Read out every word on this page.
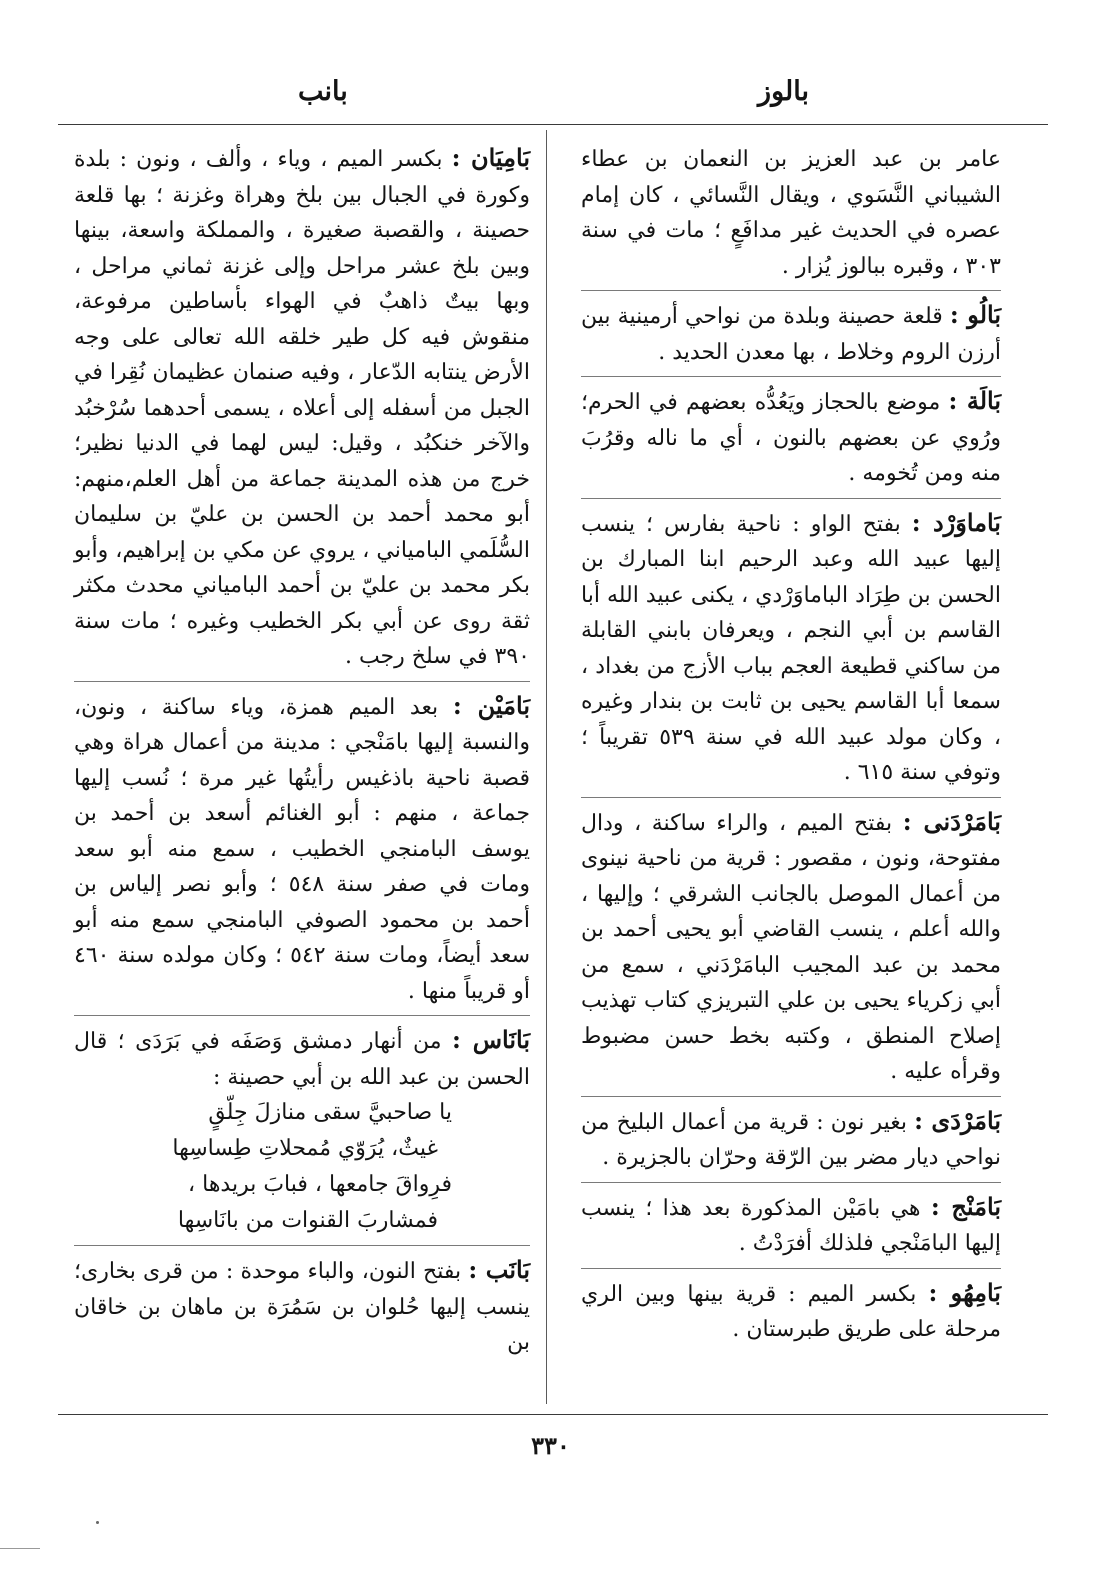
بالوز
بانب

عامر بن عبد العزيز بن النعمان بن عطاء الشيباني النَّسَوي ، ويقال النَّسائي ، كان إمام عصره في الحديث غير مدافَعٍ ؛ مات في سنة ٣٠٣ ، وقبره ببالوز يُزار .

بَالُو : قلعة حصينة وبلدة من نواحي أرمينية بين أرزن الروم وخلاط ، بها معدن الحديد .

بَالَة : موضع بالحجاز ويَعُدُّه بعضهم في الحرم؛ورُوي عن بعضهم بالنون ، أي ما ناله وقرُبَ منه ومن تُخومه .

بَاماوَرْد : بفتح الواو : ناحية بفارس ؛ ينسب إليها عبيد الله وعبد الرحيم ابنا المبارك بن الحسن بن طِرَاد الباماوَرْدي ، يكنى عبيد الله أبا القاسم بن أبي النجم ، ويعرفان بابني القابلة من ساكني قطيعة العجم بباب الأزج من بغداد ، سمعا أبا القاسم يحيى بن ثابت بن بندار وغيره ، وكان مولد عبيد الله في سنة ٥٣٩ تقريباً ؛ وتوفي سنة ٦١٥ .

بَامَرْدَنى : بفتح الميم ، والراء ساكنة ، ودال مفتوحة، ونون ، مقصور : قرية من ناحية نينوى من أعمال الموصل بالجانب الشرقي ؛ وإليها ، والله أعلم ، ينسب القاضي أبو يحيى أحمد بن محمد بن عبد المجيب البامَرْدَني ، سمع من أبي زكرياء يحيى بن علي التبريزي كتاب تهذيب إصلاح المنطق ، وكتبه بخط حسن مضبوط وقرأه عليه .

بَامَرْدَى : بغير نون : قرية من أعمال البليخ من نواحي ديار مضر بين الرّقة وحرّان بالجزيرة .

بَامَنْج : هي بامَيْن المذكورة بعد هذا ؛ ينسب إليها البامَنْجي فلذلك أفرَدْتُ .

بَامِهُو : بكسر الميم : قرية بينها وبين الري مرحلة على طريق طبرستان .

بَامِيَان : بكسر الميم ، وياء ، وألف ، ونون : بلدة وكورة في الجبال بين بلخ وهراة وغزنة ؛ بها قلعة حصينة ، والقصبة صغيرة ، والمملكة واسعة، بينها وبين بلخ عشر مراحل وإلى غزنة ثماني مراحل ، وبها بيتٌ ذاهبٌ في الهواء بأساطين مرفوعة، منقوش فيه كل طير خلقه الله تعالى على وجه الأرض ينتابه الدّعار ، وفيه صنمان عظيمان نُقِرا في الجبل من أسفله إلى أعلاه ، يسمى أحدهما سُرْخبُد والآخر خنكبُد ، وقيل: ليس لهما في الدنيا نظير؛ خرج من هذه المدينة جماعة من أهل العلم،منهم: أبو محمد أحمد بن الحسن بن عليّ بن سليمان السُّلَمي البامياني ، يروي عن مكي بن إبراهيم، وأبو بكر محمد بن عليّ بن أحمد البامياني محدث مكثر ثقة روى عن أبي بكر الخطيب وغيره ؛ مات سنة ٣٩٠ في سلخ رجب .

بَامَيْن : بعد الميم همزة، وياء ساكنة ، ونون، والنسبة إليها بامَنْجي : مدينة من أعمال هراة وهي قصبة ناحية باذغيس رأيتُها غير مرة ؛ نُسب إليها جماعة ، منهم : أبو الغنائم أسعد بن أحمد بن يوسف البامنجي الخطيب ، سمع منه أبو سعد ومات في صفر سنة ٥٤٨ ؛ وأبو نصر إلياس بن أحمد بن محمود الصوفي البامنجي سمع منه أبو سعد أيضاً، ومات سنة ٥٤٢ ؛ وكان مولده سنة ٤٦٠ أو قريباً منها .

بَانَاس : من أنهار دمشق وَصَفَه في بَرَدَى ؛ قال الحسن بن عبد الله بن أبي حصينة :

يا صاحبيَّ سقى منازلَ جِلّقٍ
غيثٌ، يُرَوّي مُمحلاتِ طِساسِها
فرِواقَ جامعها ، فبابَ بريدها ،
فمشاربَ القنوات من بانَاسِها

بَانَب : بفتح النون، والباء موحدة : من قرى بخارى؛ ينسب إليها حُلوان بن سَمُرَة بن ماهان بن خاقان بن

٣٣٠
